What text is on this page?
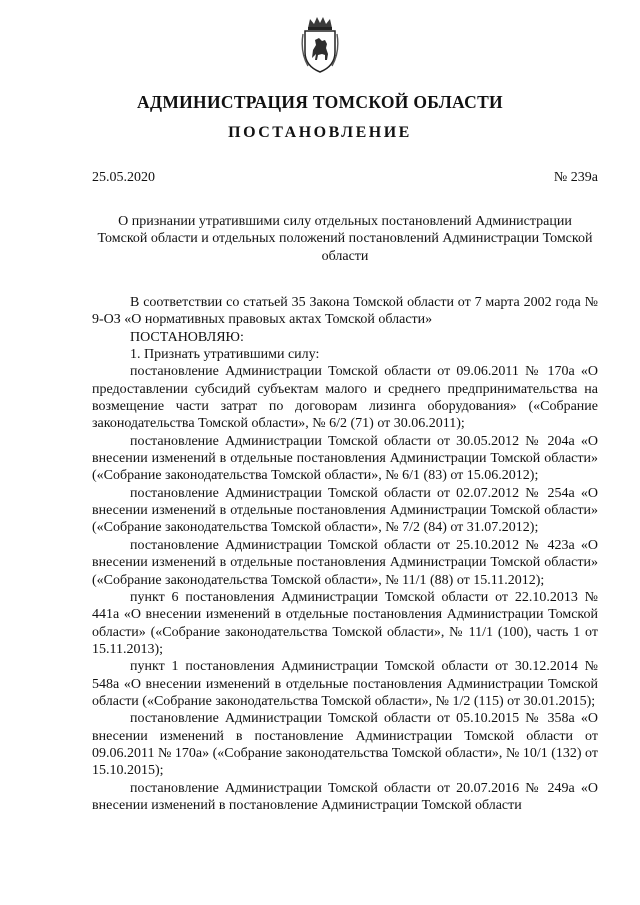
АДМИНИСТРАЦИЯ ТОМСКОЙ ОБЛАСТИ
ПОСТАНОВЛЕНИЕ
25.05.2020	№ 239а
О признании утратившими силу отдельных постановлений Администрации Томской области и отдельных положений постановлений Администрации Томской области

В соответствии со статьей 35 Закона Томской области от 7 марта 2002 года № 9-ОЗ «О нормативных правовых актах Томской области»

ПОСТАНОВЛЯЮ:

1. Признать утратившими силу:

постановление Администрации Томской области от 09.06.2011 № 170а «О предоставлении субсидий субъектам малого и среднего предпринимательства на возмещение части затрат по договорам лизинга оборудования» («Собрание законодательства Томской области», № 6/2 (71) от 30.06.2011);

постановление Администрации Томской области от 30.05.2012 № 204а «О внесении изменений в отдельные постановления Администрации Томской области» («Собрание законодательства Томской области», № 6/1 (83) от 15.06.2012);

постановление Администрации Томской области от 02.07.2012 № 254а «О внесении изменений в отдельные постановления Администрации Томской области» («Собрание законодательства Томской области», № 7/2 (84) от 31.07.2012);

постановление Администрации Томской области от 25.10.2012 № 423а «О внесении изменений в отдельные постановления Администрации Томской области» («Собрание законодательства Томской области», № 11/1 (88) от 15.11.2012);

пункт 6 постановления Администрации Томской области от 22.10.2013 № 441а «О внесении изменений в отдельные постановления Администрации Томской области» («Собрание законодательства Томской области», № 11/1 (100), часть 1 от 15.11.2013);

пункт 1 постановления Администрации Томской области от 30.12.2014 № 548а «О внесении изменений в отдельные постановления Администрации Томской области («Собрание законодательства Томской области», № 1/2 (115) от 30.01.2015);

постановление Администрации Томской области от 05.10.2015 № 358а «О внесении изменений в постановление Администрации Томской области от 09.06.2011 № 170а» («Собрание законодательства Томской области», № 10/1 (132) от 15.10.2015);

постановление Администрации Томской области от 20.07.2016 № 249а «О внесении изменений в постановление Администрации Томской области
